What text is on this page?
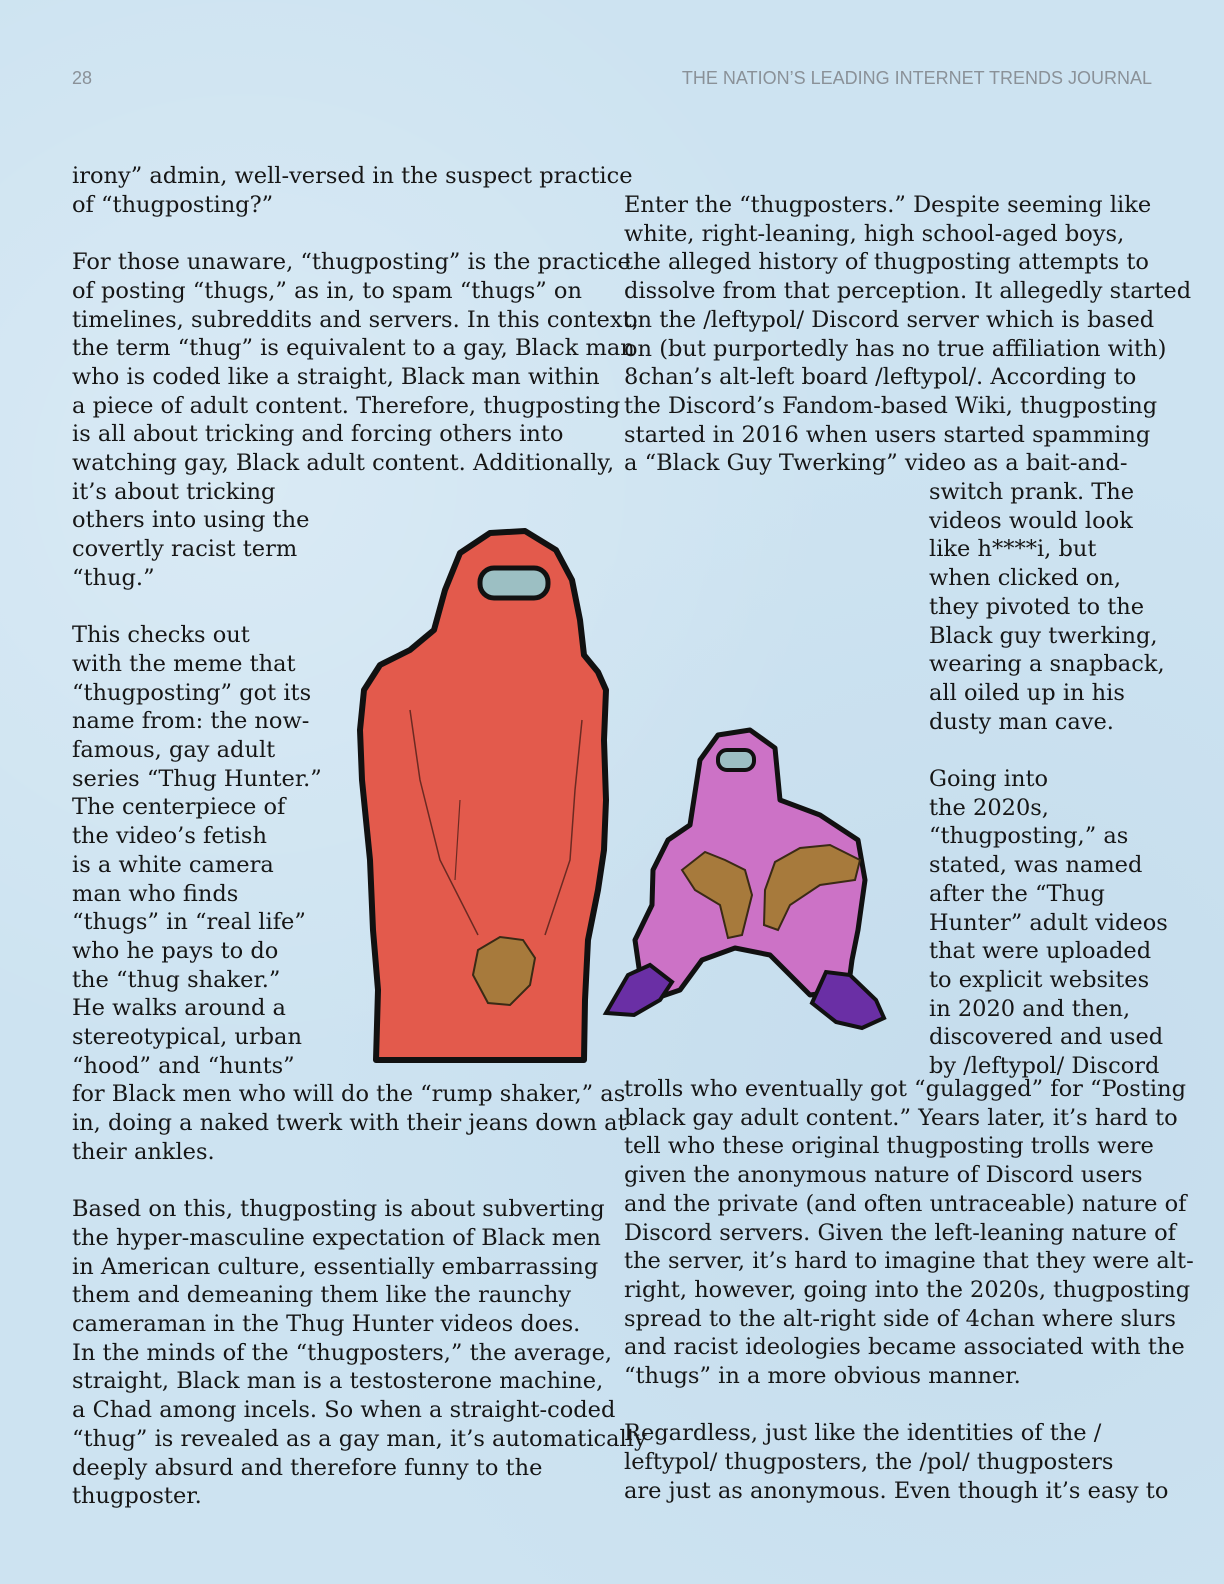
28	THE NATION’S LEADING INTERNET TRENDS JOURNAL
irony” admin, well-versed in the suspect practice
of “thugposting?”
For those unaware, “thugposting” is the practice
of posting “thugs,” as in, to spam “thugs” on
timelines, subreddits and servers. In this context,
the term “thug” is equivalent to a gay, Black man
who is coded like a straight, Black man within
a piece of adult content. Therefore, thugposting
is all about tricking and forcing others into
watching gay, Black adult content. Additionally,
it’s about tricking
others into using the
covertly racist term
“thug.”
This checks out
with the meme that
“thugposting” got its
name from: the now-
famous, gay adult
series “Thug Hunter.”
The centerpiece of
the video’s fetish
is a white camera
man who finds
“thugs” in “real life”
who he pays to do
the “thug shaker.”
He walks around a
stereotypical, urban
“hood” and “hunts”
for Black men who will do the “rump shaker,” as
in, doing a naked twerk with their jeans down at
their ankles.
Based on this, thugposting is about subverting
the hyper-masculine expectation of Black men
in American culture, essentially embarrassing
them and demeaning them like the raunchy
cameraman in the Thug Hunter videos does.
In the minds of the “thugposters,” the average,
straight, Black man is a testosterone machine,
a Chad among incels. So when a straight-coded
“thug” is revealed as a gay man, it’s automatically
deeply absurd and therefore funny to the
thugposter.
Enter the “thugposters.” Despite seeming like
white, right-leaning, high school-aged boys,
the alleged history of thugposting attempts to
dissolve from that perception. It allegedly started
on the /leftypol/ Discord server which is based
on (but purportedly has no true affiliation with)
8chan’s alt-left board /leftypol/. According to
the Discord’s Fandom-based Wiki, thugposting
started in 2016 when users started spamming
a “Black Guy Twerking” video as a bait-and-
switch prank. The
videos would look
like h****i, but
when clicked on,
they pivoted to the
Black guy twerking,
wearing a snapback,
all oiled up in his
dusty man cave.
Going into
the 2020s,
“thugposting,” as
stated, was named
after the “Thug
Hunter” adult videos
that were uploaded
to explicit websites
in 2020 and then,
discovered and used
by /leftypol/ Discord
trolls who eventually got “gulagged” for “Posting
black gay adult content.” Years later, it’s hard to
tell who these original thugposting trolls were
given the anonymous nature of Discord users
and the private (and often untraceable) nature of
Discord servers. Given the left-leaning nature of
the server, it’s hard to imagine that they were alt-
right, however, going into the 2020s, thugposting
spread to the alt-right side of 4chan where slurs
and racist ideologies became associated with the
“thugs” in a more obvious manner.
Regardless, just like the identities of the /
leftypol/ thugposters, the /pol/ thugposters
are just as anonymous. Even though it’s easy to
